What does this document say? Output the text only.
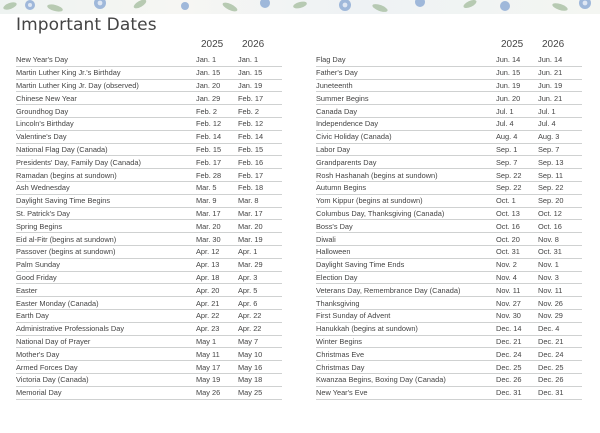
Important Dates
2025 2026	2025 2026
New Year's Day	Jan. 1	Jan. 1
Martin Luther King Jr.'s Birthday	Jan. 15	Jan. 15
Martin Luther King Jr. Day (observed)	Jan. 20	Jan. 19
Chinese New Year	Jan. 29	Feb. 17
Groundhog Day	Feb. 2	Feb. 2
Lincoln's Birthday	Feb. 12	Feb. 12
Valentine's Day	Feb. 14	Feb. 14
National Flag Day (Canada)	Feb. 15	Feb. 15
Presidents' Day, Family Day (Canada)	Feb. 17	Feb. 16
Ramadan (begins at sundown)	Feb. 28	Feb. 17
Ash Wednesday	Mar. 5	Feb. 18
Daylight Saving Time Begins	Mar. 9	Mar. 8
St. Patrick's Day	Mar. 17	Mar. 17
Spring Begins	Mar. 20	Mar. 20
Eid al-Fitr (begins at sundown)	Mar. 30	Mar. 19
Passover (begins at sundown)	Apr. 12	Apr. 1
Palm Sunday	Apr. 13	Mar. 29
Good Friday	Apr. 18	Apr. 3
Easter	Apr. 20	Apr. 5
Easter Monday (Canada)	Apr. 21	Apr. 6
Earth Day	Apr. 22	Apr. 22
Administrative Professionals Day	Apr. 23	Apr. 22
National Day of Prayer	May 1	May 7
Mother's Day	May 11	May 10
Armed Forces Day	May 17	May 16
Victoria Day (Canada)	May 19	May 18
Memorial Day	May 26	May 25
Flag Day	Jun. 14	Jun. 14
Father's Day	Jun. 15	Jun. 21
Juneteenth	Jun. 19	Jun. 19
Summer Begins	Jun. 20	Jun. 21
Canada Day	Jul. 1	Jul. 1
Independence Day	Jul. 4	Jul. 4
Civic Holiday (Canada)	Aug. 4	Aug. 3
Labor Day	Sep. 1	Sep. 7
Grandparents Day	Sep. 7	Sep. 13
Rosh Hashanah (begins at sundown)	Sep. 22	Sep. 11
Autumn Begins	Sep. 22	Sep. 22
Yom Kippur (begins at sundown)	Oct. 1	Sep. 20
Columbus Day, Thanksgiving (Canada)	Oct. 13	Oct. 12
Boss's Day	Oct. 16	Oct. 16
Diwali	Oct. 20	Nov. 8
Halloween	Oct. 31	Oct. 31
Daylight Saving Time Ends	Nov. 2	Nov. 1
Election Day	Nov. 4	Nov. 3
Veterans Day, Remembrance Day (Canada)	Nov. 11	Nov. 11
Thanksgiving	Nov. 27	Nov. 26
First Sunday of Advent	Nov. 30	Nov. 29
Hanukkah (begins at sundown)	Dec. 14	Dec. 4
Winter Begins	Dec. 21	Dec. 21
Christmas Eve	Dec. 24	Dec. 24
Christmas Day	Dec. 25	Dec. 25
Kwanzaa Begins, Boxing Day (Canada)	Dec. 26	Dec. 26
New Year's Eve	Dec. 31	Dec. 31
